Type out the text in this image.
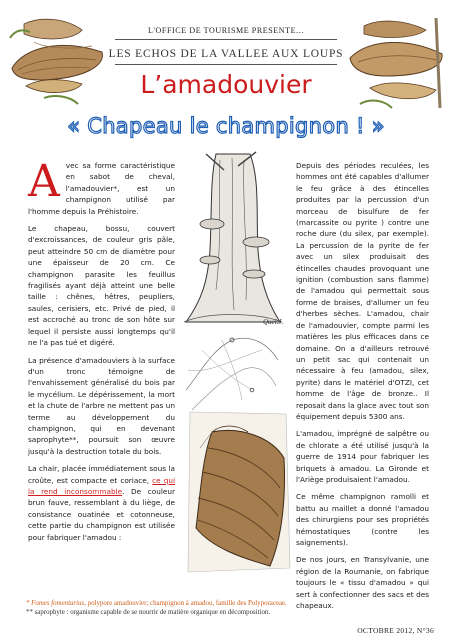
L'OFFICE DE TOURISME PRESENTE...
LES ECHOS DE LA VALLEE AUX LOUPS
L’amadouvier
« Chapeau le champignon ! »

Avec sa forme caractéristique en sabot de cheval, l'amadouvier*, est un champignon utilisé par l'homme depuis la Préhistoire.

Le chapeau, bossu, couvert d'excroissances, de couleur gris pâle, peut atteindre 50 cm de diamètre pour une épaisseur de 20 cm. Ce champignon parasite les feuillus fragilisés ayant déjà atteint une belle taille : chênes, hêtres, peupliers, saules, cerisiers, etc. Privé de pied, il est accroché au tronc de son hôte sur lequel il persiste aussi longtemps qu'il ne l'a pas tué et digéré.

La présence d'amadouviers à la surface d'un tronc témoigne de l'envahissement généralisé du bois par le mycélium. Le dépérissement, la mort et la chute de l'arbre ne mettent pas un terme au développement du champignon, qui en devenant saprophyte**, poursuit son œuvre jusqu'à la destruction totale du bois.

La chair, placée immédiatement sous la croûte, est compacte et coriace, ce qui la rend inconsommable. De couleur brun fauve, ressemblant à du liège, de consistance ouatinée et cotonneuse, cette partie du champignon est utilisée pour fabriquer l'amadou :

Quel.J.

Depuis des périodes reculées, les hommes ont été capables d'allumer le feu grâce à des étincelles produites par la percussion d'un morceau de bisulfure de fer (marcassite ou pyrite ) contre une roche dure (du silex, par exemple). La percussion de la pyrite de fer avec un silex produisait des étincelles chaudes provoquant une ignition (combustion sans flamme) de l'amadou qui permettait sous forme de braises, d'allumer un feu d'herbes sèches. L'amadou, chair de l'amadouvier, compte parmi les matières les plus efficaces dans ce domaine. On a d'ailleurs retrouvé un petit sac qui contenait un nécessaire à feu (amadou, silex, pyrite) dans le matériel d'OTZI, cet homme de l'âge de bronze.. Il reposait dans la glace avec tout son équipement depuis 5300 ans.

L'amadou, imprégné de salpêtre ou de chlorate a été utilisé jusqu'à la guerre de 1914 pour fabriquer les briquets à amadou. La Gironde et l'Ariège produisaient l'amadou.

Ce même champignon ramolli et battu au maillet a donné l'amadou des chirurgiens pour ses propriétés hémostatiques (contre les saignements).

De nos jours, en Transylvanie, une région de la Roumanie, on fabrique toujours le « tissu d'amadou » qui sert à confectionner des sacs et des chapeaux.

* Fomes fomentarius, polypore amadouvier; champignon à amadou, famille des Polyporaceae.
** saprophyte : organisme capable de se nourrir de matière organique en décomposition.
OCTOBRE 2012, N°36
